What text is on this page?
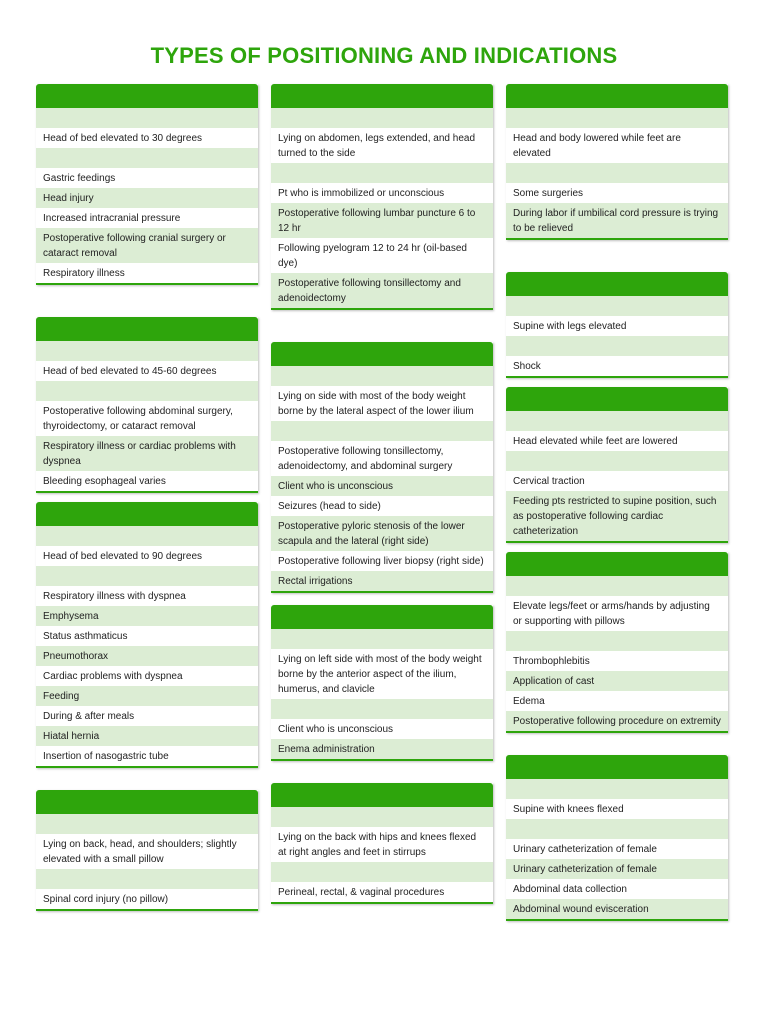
TYPES OF POSITIONING AND INDICATIONS
Head of bed elevated to 30 degrees
Gastric feedings
Head injury
Increased intracranial pressure
Postoperative following cranial surgery or cataract removal
Respiratory illness
Head of bed elevated to 45-60 degrees
Postoperative following abdominal surgery, thyroidectomy, or cataract removal
Respiratory illness or cardiac problems with dyspnea
Bleeding esophageal varies
Head of bed elevated to 90 degrees
Respiratory illness with dyspnea
Emphysema
Status asthmaticus
Pneumothorax
Cardiac problems with dyspnea
Feeding
During & after meals
Hiatal hernia
Insertion of nasogastric tube
Lying on back, head, and shoulders; slightly elevated with a small pillow
Spinal cord injury (no pillow)
Lying on abdomen, legs extended, and head turned to the side
Pt who is immobilized or unconscious
Postoperative following lumbar puncture 6 to 12 hr
Following pyelogram 12 to 24 hr (oil-based dye)
Postoperative following tonsillectomy and adenoidectomy
Lying on side with most of the body weight borne by the lateral aspect of the lower ilium
Postoperative following tonsillectomy, adenoidectomy, and abdominal surgery
Client who is unconscious
Seizures (head to side)
Postoperative pyloric stenosis of the lower scapula and the lateral (right side)
Postoperative following liver biopsy (right side)
Rectal irrigations
Lying on left side with most of the body weight borne by the anterior aspect of the ilium, humerus, and clavicle
Client who is unconscious
Enema administration
Lying on the back with hips and knees flexed at right angles and feet in stirrups
Perineal, rectal, & vaginal procedures
Head and body lowered while feet are elevated
Some surgeries
During labor if umbilical cord pressure is trying to be relieved
Supine with legs elevated
Shock
Head elevated while feet are lowered
Cervical traction
Feeding pts restricted to supine position, such as postoperative following cardiac catheterization
Elevate legs/feet or arms/hands by adjusting or supporting with pillows
Thrombophlebitis
Application of cast
Edema
Postoperative following procedure on extremity
Supine with knees flexed
Urinary catheterization of female
Urinary catheterization of female
Abdominal data collection
Abdominal wound evisceration
